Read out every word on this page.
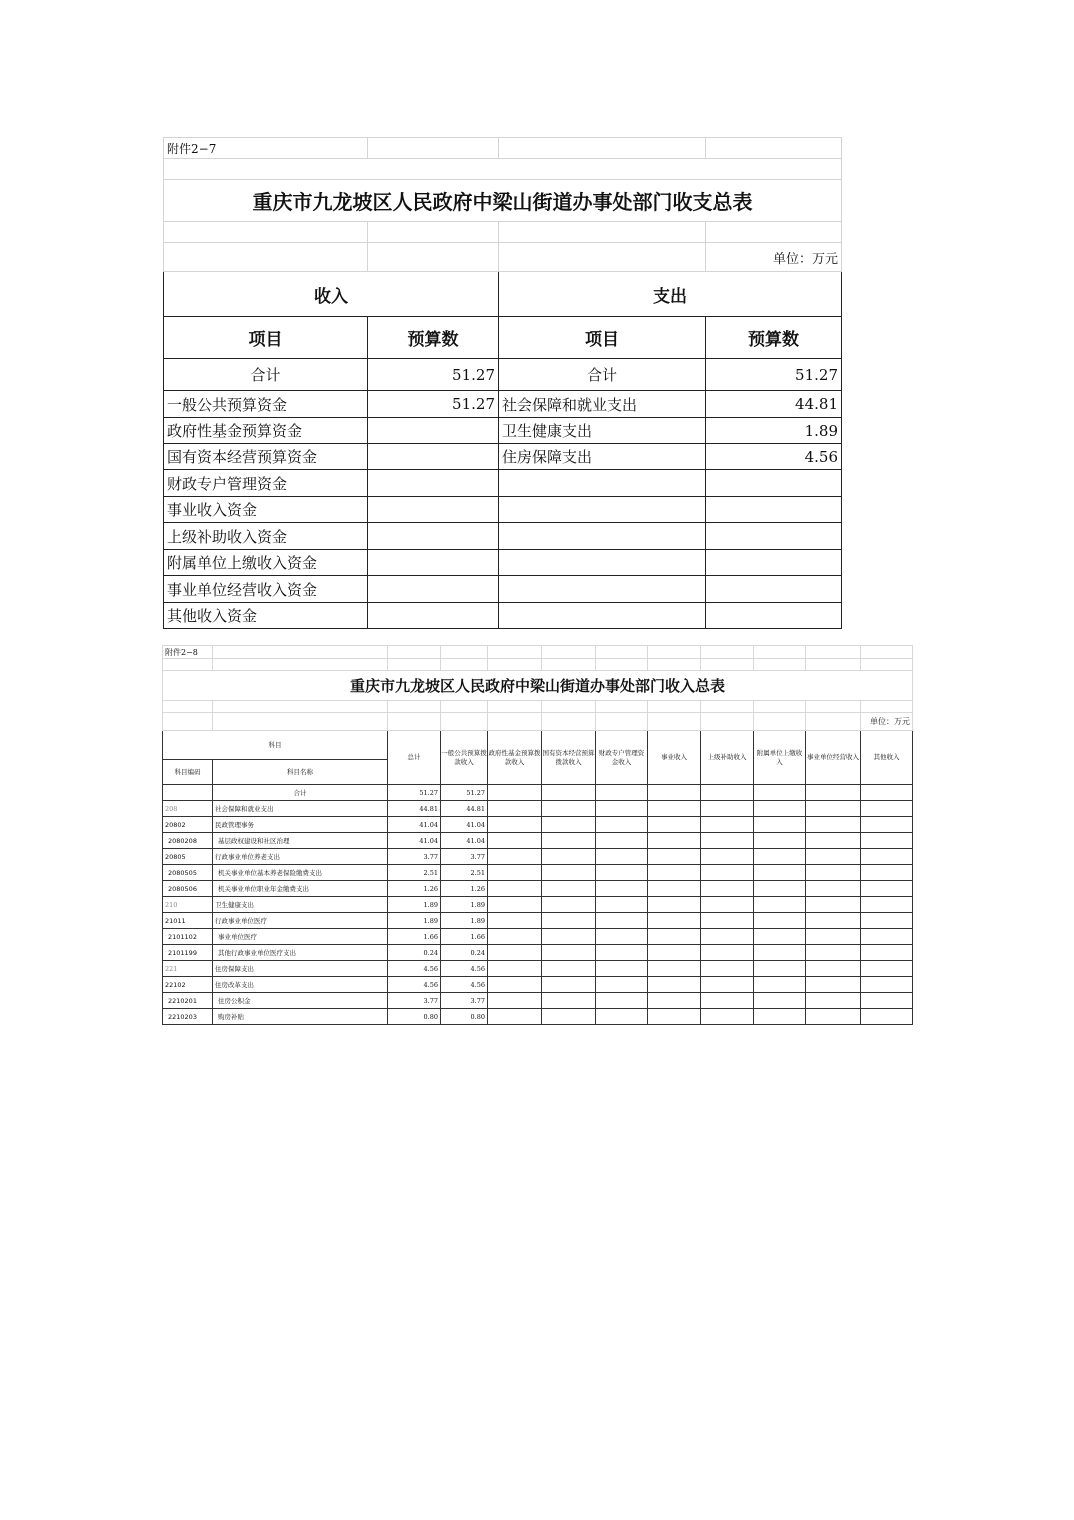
附件2−7			

重庆市九龙坡区人民政府中梁山街道办事处部门收支总表			

			单位：万元
收入		支出	
项目	预算数	项目	预算数
合计	51.27	合计	51.27
一般公共预算资金	51.27	社会保障和就业支出	44.81
政府性基金预算资金		卫生健康支出	1.89
国有资本经营预算资金		住房保障支出	4.56
财政专户管理资金			
事业收入资金			
上级补助收入资金			
附属单位上缴收入资金			
事业单位经营收入资金			
其他收入资金			
附件2−8											

重庆市九龙坡区人民政府中梁山街道办事处部门收入总表											

											单位：万元
科目		总计	一般公共预算拨款收入	政府性基金预算拨款收入	国有资本经营预算拨款收入	财政专户管理资金收入	事业收入	上级补助收入	附属单位上缴收入	事业单位经营收入	其他收入
科目编码	科目名称										
	合计	51.27	51.27								
208	社会保障和就业支出	44.81	44.81								
20802	民政管理事务	41.04	41.04								
2080208	基层政权建设和社区治理	41.04	41.04								
20805	行政事业单位养老支出	3.77	3.77								
2080505	机关事业单位基本养老保险缴费支出	2.51	2.51								
2080506	机关事业单位职业年金缴费支出	1.26	1.26								
210	卫生健康支出	1.89	1.89								
21011	行政事业单位医疗	1.89	1.89								
2101102	事业单位医疗	1.66	1.66								
2101199	其他行政事业单位医疗支出	0.24	0.24								
221	住房保障支出	4.56	4.56								
22102	住房改革支出	4.56	4.56								
2210201	住房公积金	3.77	3.77								
2210203	购房补贴	0.80	0.80								
